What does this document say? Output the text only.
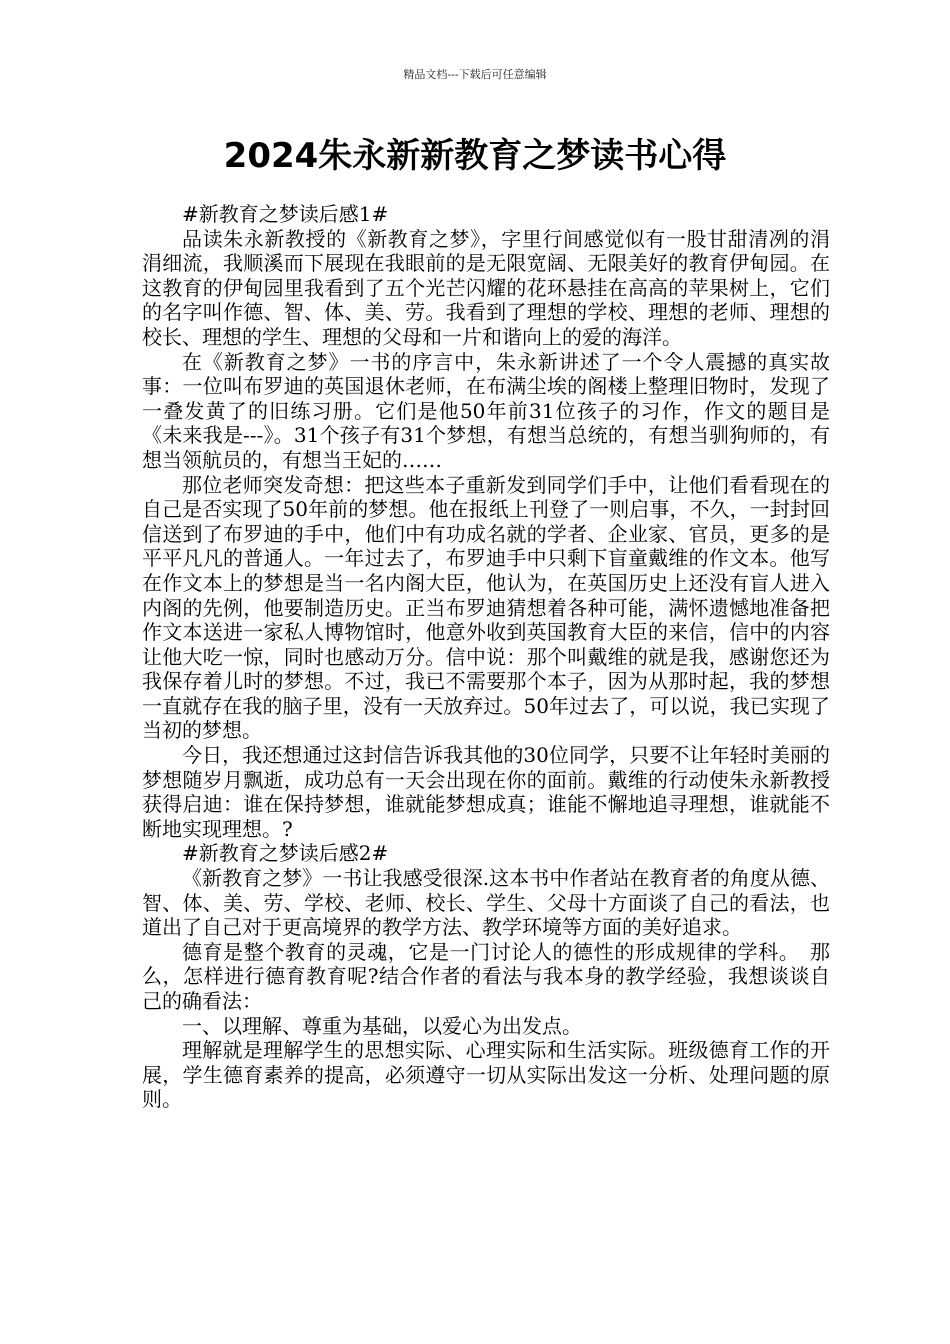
精品文档---下载后可任意编辑
2024朱永新新教育之梦读书心得

#新教育之梦读后感1#

品读朱永新教授的《新教育之梦》，字里行间感觉似有一股甘甜清冽的涓涓细流，我顺溪而下展现在我眼前的是无限宽阔、无限美好的教育伊甸园。在这教育的伊甸园里我看到了五个光芒闪耀的花环悬挂在高高的苹果树上，它们的名字叫作德、智、体、美、劳。我看到了理想的学校、理想的老师、理想的校长、理想的学生、理想的父母和一片和谐向上的爱的海洋。

在《新教育之梦》一书的序言中，朱永新讲述了一个令人震撼的真实故事：一位叫布罗迪的英国退休老师，在布满尘埃的阁楼上整理旧物时，发现了一叠发黄了的旧练习册。它们是他50年前31位孩子的习作，作文的题目是《未来我是---》。31个孩子有31个梦想，有想当总统的，有想当驯狗师的，有想当领航员的，有想当王妃的……

那位老师突发奇想：把这些本子重新发到同学们手中，让他们看看现在的自己是否实现了50年前的梦想。他在报纸上刊登了一则启事，不久，一封封回信送到了布罗迪的手中，他们中有功成名就的学者、企业家、官员，更多的是平平凡凡的普通人。一年过去了，布罗迪手中只剩下盲童戴维的作文本。他写在作文本上的梦想是当一名内阁大臣，他认为，在英国历史上还没有盲人进入内阁的先例，他要制造历史。正当布罗迪猜想着各种可能，满怀遗憾地准备把作文本送进一家私人博物馆时，他意外收到英国教育大臣的来信，信中的内容让他大吃一惊，同时也感动万分。信中说：那个叫戴维的就是我，感谢您还为我保存着儿时的梦想。不过，我已不需要那个本子，因为从那时起，我的梦想一直就存在我的脑子里，没有一天放弃过。50年过去了，可以说，我已实现了当初的梦想。

今日，我还想通过这封信告诉我其他的30位同学，只要不让年轻时美丽的梦想随岁月飘逝，成功总有一天会出现在你的面前。戴维的行动使朱永新教授获得启迪：谁在保持梦想，谁就能梦想成真；谁能不懈地追寻理想，谁就能不断地实现理想。?

#新教育之梦读后感2#

《新教育之梦》一书让我感受很深.这本书中作者站在教育者的角度从德、智、体、美、劳、学校、老师、校长、学生、父母十方面谈了自己的看法，也道出了自己对于更高境界的教学方法、教学环境等方面的美好追求。

德育是整个教育的灵魂，它是一门讨论人的德性的形成规律的学科。　那么，怎样进行德育教育呢?结合作者的看法与我本身的教学经验，我想谈谈自己的确看法：

一、以理解、尊重为基础，以爱心为出发点。

理解就是理解学生的思想实际、心理实际和生活实际。班级德育工作的开展，学生德育素养的提高，必须遵守一切从实际出发这一分析、处理问题的原则。
